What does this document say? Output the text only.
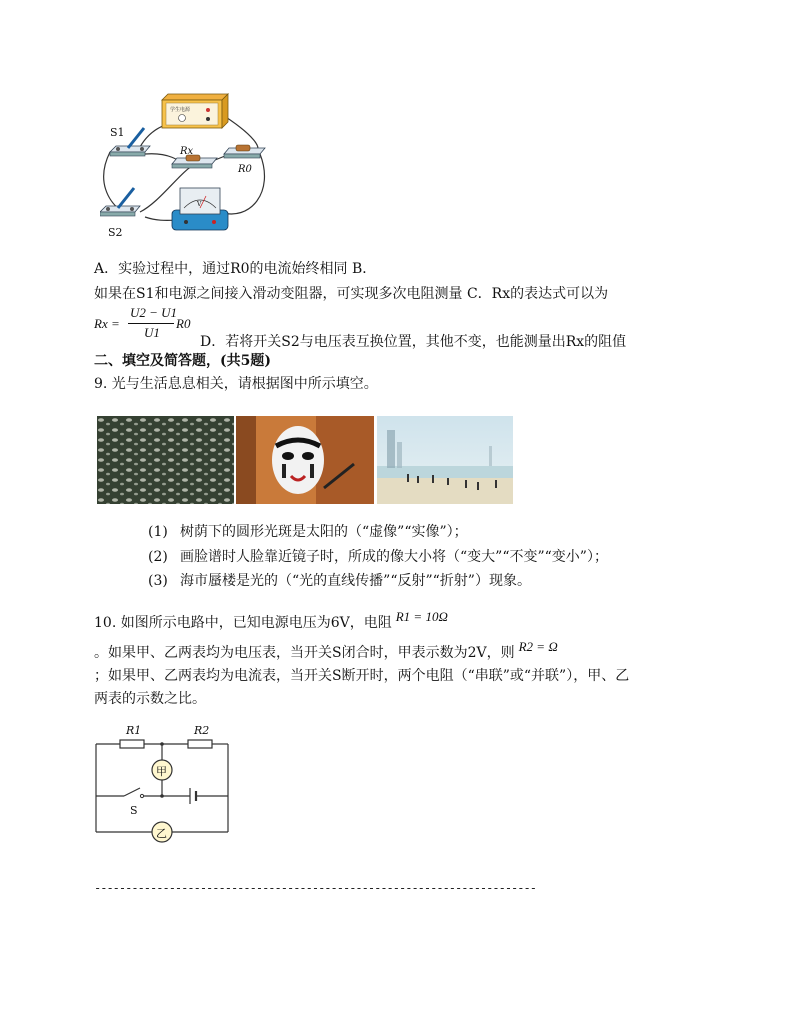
学生电源
S1
Rx
R0
S2
V
A．实验过程中，通过R0的电流始终相同 B．
如果在S1和电源之间接入滑动变阻器，可实现多次电阻测量 C．Rx的表达式可以为
Rx =
U2 − U1
U1
R0
D．若将开关S2与电压表互换位置，其他不变，也能测量出Rx的阻值
二、填空及简答题，(共5题)
9. 光与生活息息相关，请根据图中所示填空。
(1) 树荫下的圆形光斑是太阳的（“虚像”“实像”）；
(2) 画脸谱时人脸靠近镜子时，所成的像大小将（“变大”“不变”“变小”）；
(3) 海市蜃楼是光的（“光的直线传播”“反射”“折射”）现象。
10. 如图所示电路中，已知电源电压为6V，电阻 R1 = 10Ω
。如果甲、乙两表均为电压表，当开关S闭合时，甲表示数为2V，则 R2 = Ω
；如果甲、乙两表均为电流表，当开关S断开时，两个电阻（“串联”或“并联”），甲、乙
两表的示数之比。
R1	R2
甲
乙
S
-----------------------------------------------------------------------
